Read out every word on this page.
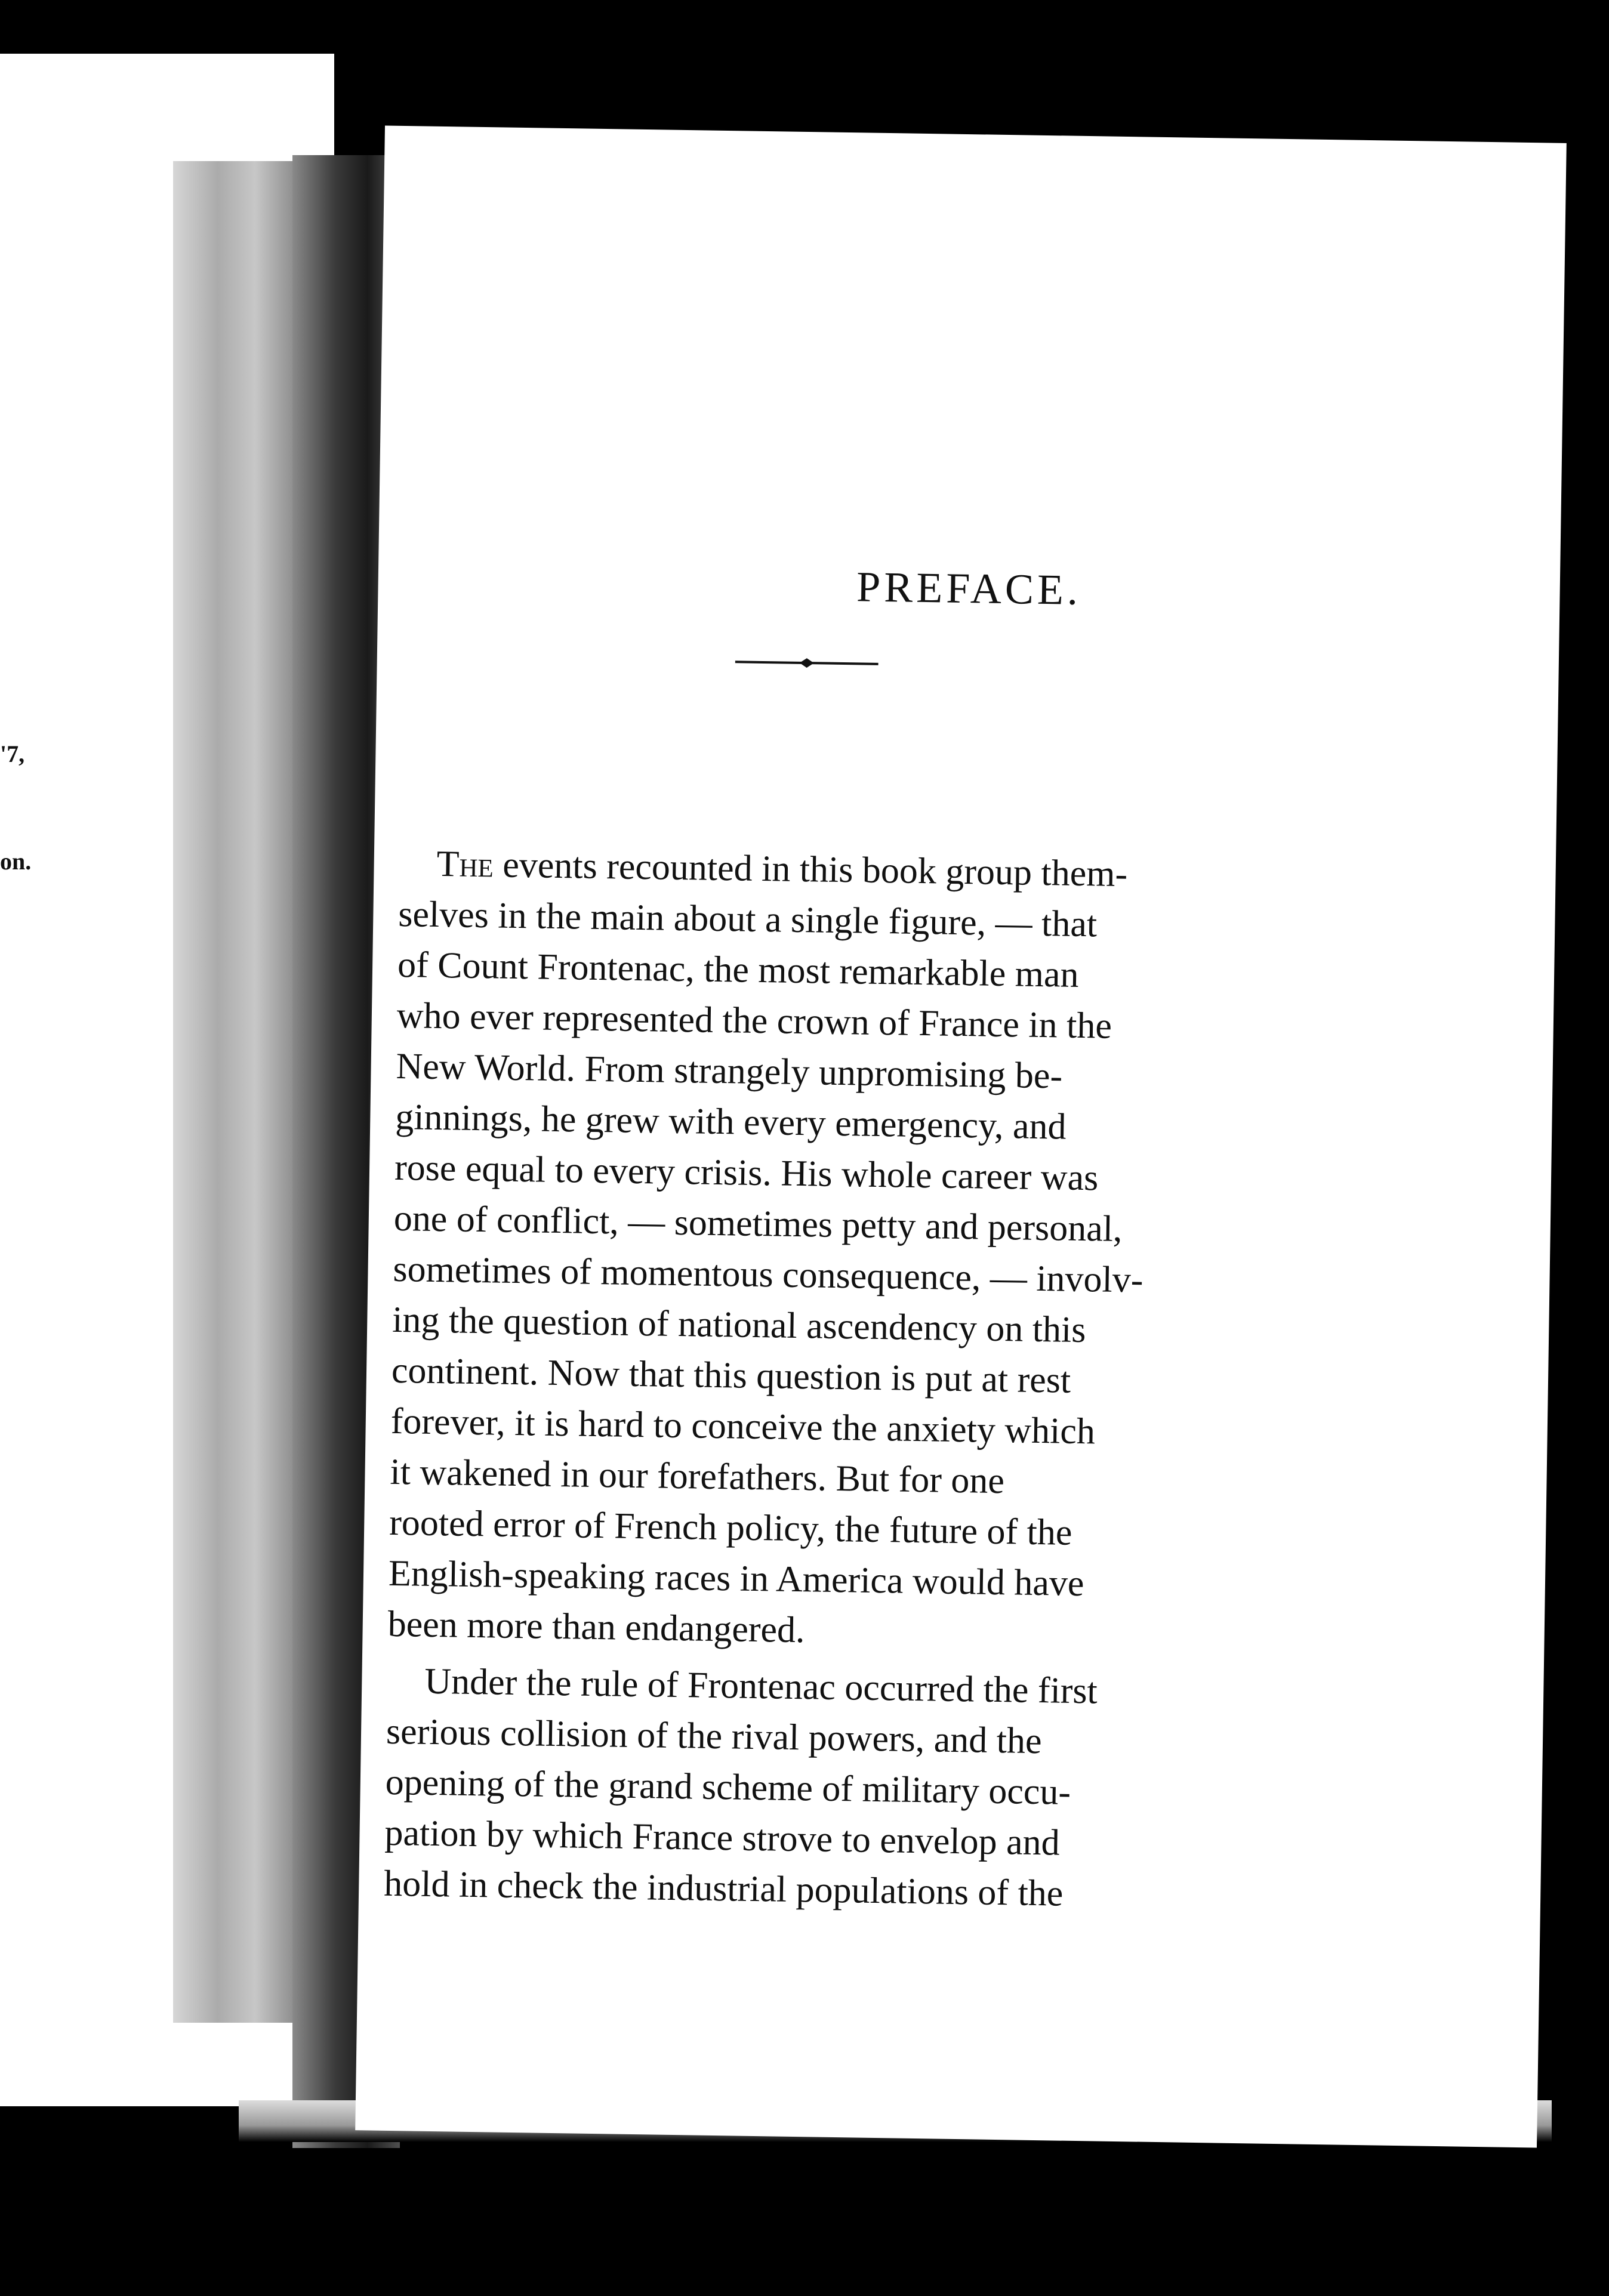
'7,
on.
PREFACE.
The events recounted in this book group them-
selves in the main about a single figure, — that
of Count Frontenac, the most remarkable man
who ever represented the crown of France in the
New World. From strangely unpromising be-
ginnings, he grew with every emergency, and
rose equal to every crisis. His whole career was
one of conflict, — sometimes petty and personal,
sometimes of momentous consequence, — involv-
ing the question of national ascendency on this
continent. Now that this question is put at rest
forever, it is hard to conceive the anxiety which
it wakened in our forefathers. But for one
rooted error of French policy, the future of the
English-speaking races in America would have
been more than endangered.
Under the rule of Frontenac occurred the first
serious collision of the rival powers, and the
opening of the grand scheme of military occu-
pation by which France strove to envelop and
hold in check the industrial populations of the
